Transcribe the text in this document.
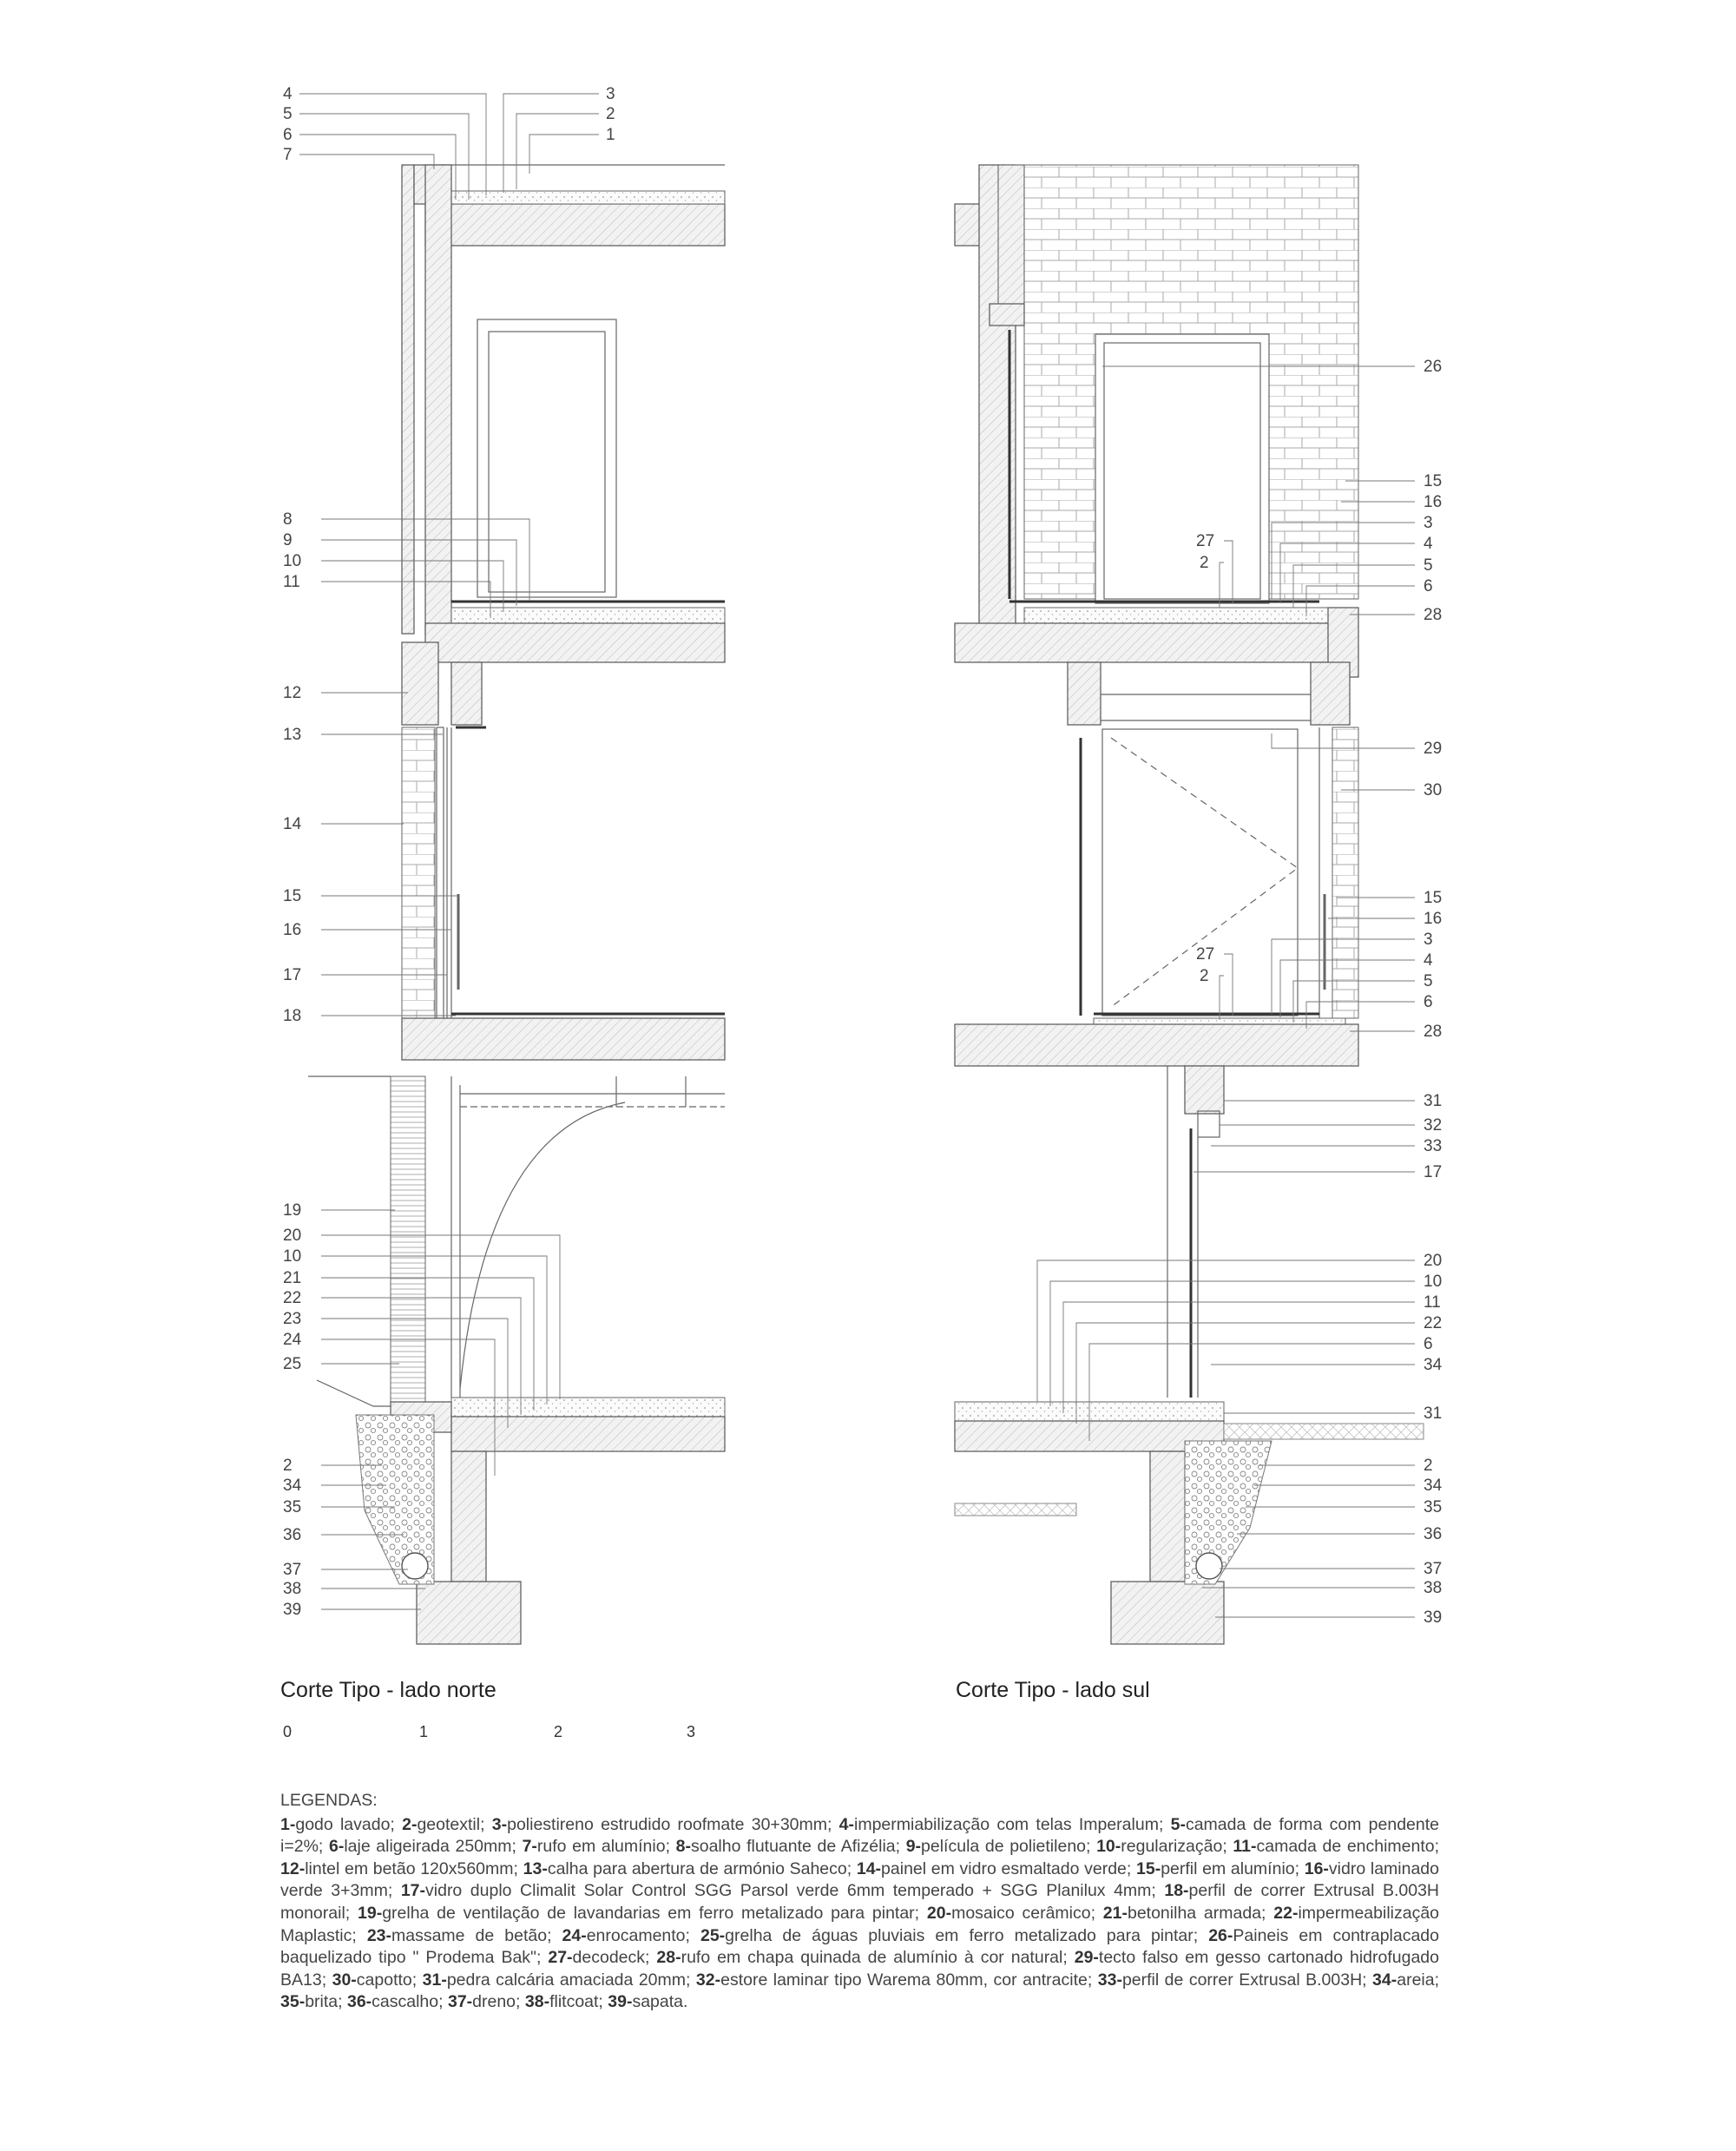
4
5
6
7
3
2
1
8
9
10
11
12
13
14
15
16
17
18
19
20
10
21
22
23
24
25
2
34
35
36
37
38
39
26
15
16
3
4
5
6
28
29
30
15
16
3
4
5
6
28
31
32
33
17
20
10
11
22
6
34
31
2
34
35
36
37
38
39
27
2
27
2
Corte Tipo - lado norte	Corte Tipo - lado sul
0	1	2	3
LEGENDAS:
1-godo lavado; 2-geotextil; 3-poliestireno estrudido roofmate 30+30mm; 4-impermiabilização com telas Imperalum; 5-camada de forma com pendente i=2%; 6-laje aligeirada 250mm; 7-rufo em alumínio; 8-soalho flutuante de Afizélia; 9-película de polietileno; 10-regularização; 11-camada de enchimento; 12-lintel em betão 120x560mm; 13-calha para abertura de armónio Saheco; 14-painel em vidro esmaltado verde; 15-perfil em alumínio; 16-vidro laminado verde 3+3mm; 17-vidro duplo Climalit Solar Control SGG Parsol verde 6mm temperado + SGG Planilux 4mm; 18-perfil de correr Extrusal B.003H monorail; 19-grelha de ventilação de lavandarias em ferro metalizado para pintar; 20-mosaico cerâmico; 21-betonilha armada; 22-impermeabilização Maplastic; 23-massame de betão; 24-enrocamento; 25-grelha de águas pluviais em ferro metalizado para pintar; 26-Paineis em contraplacado baquelizado tipo " Prodema Bak"; 27-decodeck; 28-rufo em chapa quinada de alumínio à cor natural; 29-tecto falso em gesso cartonado hidrofugado BA13; 30-capotto; 31-pedra calcária amaciada 20mm; 32-estore laminar tipo Warema 80mm, cor antracite; 33-perfil de correr Extrusal B.003H; 34-areia; 35-brita; 36-cascalho; 37-dreno; 38-flitcoat; 39-sapata.
